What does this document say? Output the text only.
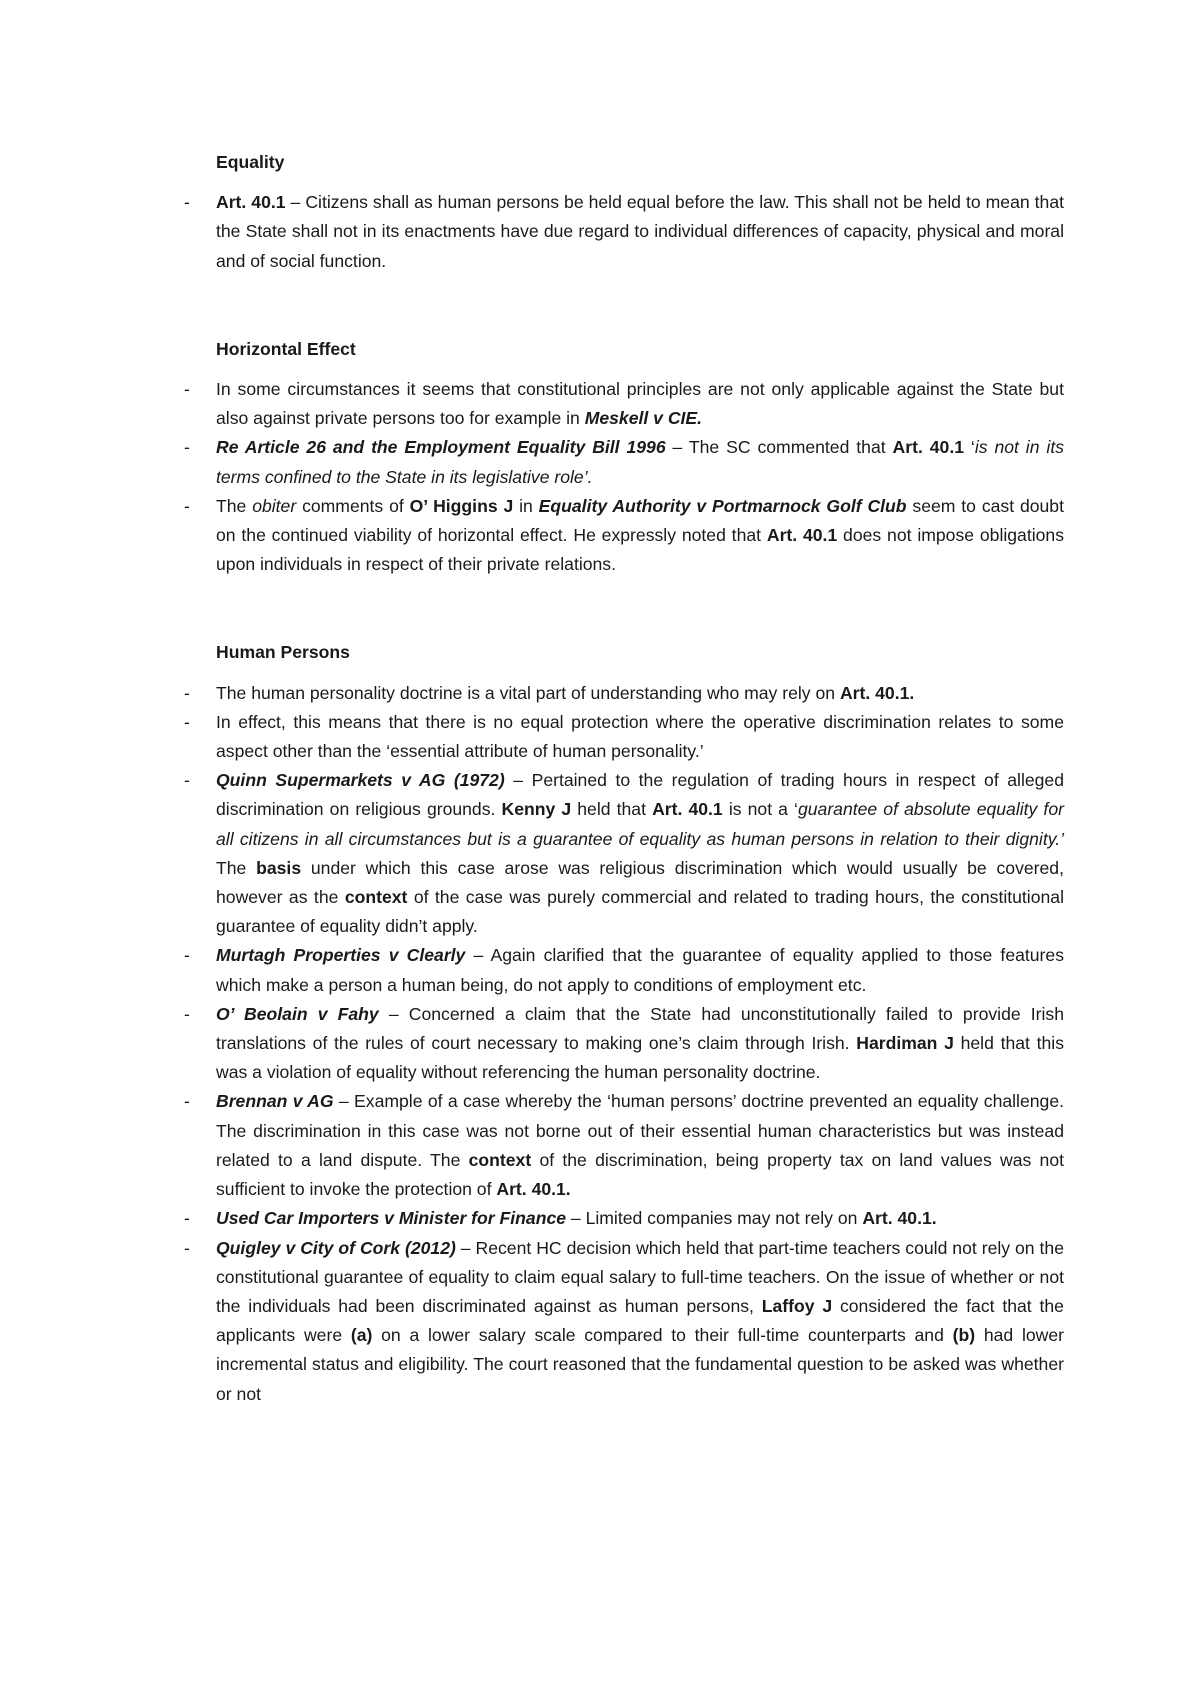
Equality
- Art. 40.1 – Citizens shall as human persons be held equal before the law. This shall not be held to mean that the State shall not in its enactments have due regard to individual differences of capacity, physical and moral and of social function.
Horizontal Effect
- In some circumstances it seems that constitutional principles are not only applicable against the State but also against private persons too for example in Meskell v CIE.
- Re Article 26 and the Employment Equality Bill 1996 – The SC commented that Art. 40.1 ‘is not in its terms confined to the State in its legislative role’.
- The obiter comments of O’ Higgins J in Equality Authority v Portmarnock Golf Club seem to cast doubt on the continued viability of horizontal effect. He expressly noted that Art. 40.1 does not impose obligations upon individuals in respect of their private relations.
Human Persons
- The human personality doctrine is a vital part of understanding who may rely on Art. 40.1.
- In effect, this means that there is no equal protection where the operative discrimination relates to some aspect other than the ‘essential attribute of human personality.’
- Quinn Supermarkets v AG (1972) – Pertained to the regulation of trading hours in respect of alleged discrimination on religious grounds. Kenny J held that Art. 40.1 is not a ‘guarantee of absolute equality for all citizens in all circumstances but is a guarantee of equality as human persons in relation to their dignity.’ The basis under which this case arose was religious discrimination which would usually be covered, however as the context of the case was purely commercial and related to trading hours, the constitutional guarantee of equality didn’t apply.
- Murtagh Properties v Clearly – Again clarified that the guarantee of equality applied to those features which make a person a human being, do not apply to conditions of employment etc.
- O’ Beolain v Fahy – Concerned a claim that the State had unconstitutionally failed to provide Irish translations of the rules of court necessary to making one’s claim through Irish. Hardiman J held that this was a violation of equality without referencing the human personality doctrine.
- Brennan v AG – Example of a case whereby the ‘human persons’ doctrine prevented an equality challenge. The discrimination in this case was not borne out of their essential human characteristics but was instead related to a land dispute. The context of the discrimination, being property tax on land values was not sufficient to invoke the protection of Art. 40.1.
- Used Car Importers v Minister for Finance – Limited companies may not rely on Art. 40.1.
- Quigley v City of Cork (2012) – Recent HC decision which held that part-time teachers could not rely on the constitutional guarantee of equality to claim equal salary to full-time teachers. On the issue of whether or not the individuals had been discriminated against as human persons, Laffoy J considered the fact that the applicants were (a) on a lower salary scale compared to their full-time counterparts and (b) had lower incremental status and eligibility. The court reasoned that the fundamental question to be asked was whether or not
